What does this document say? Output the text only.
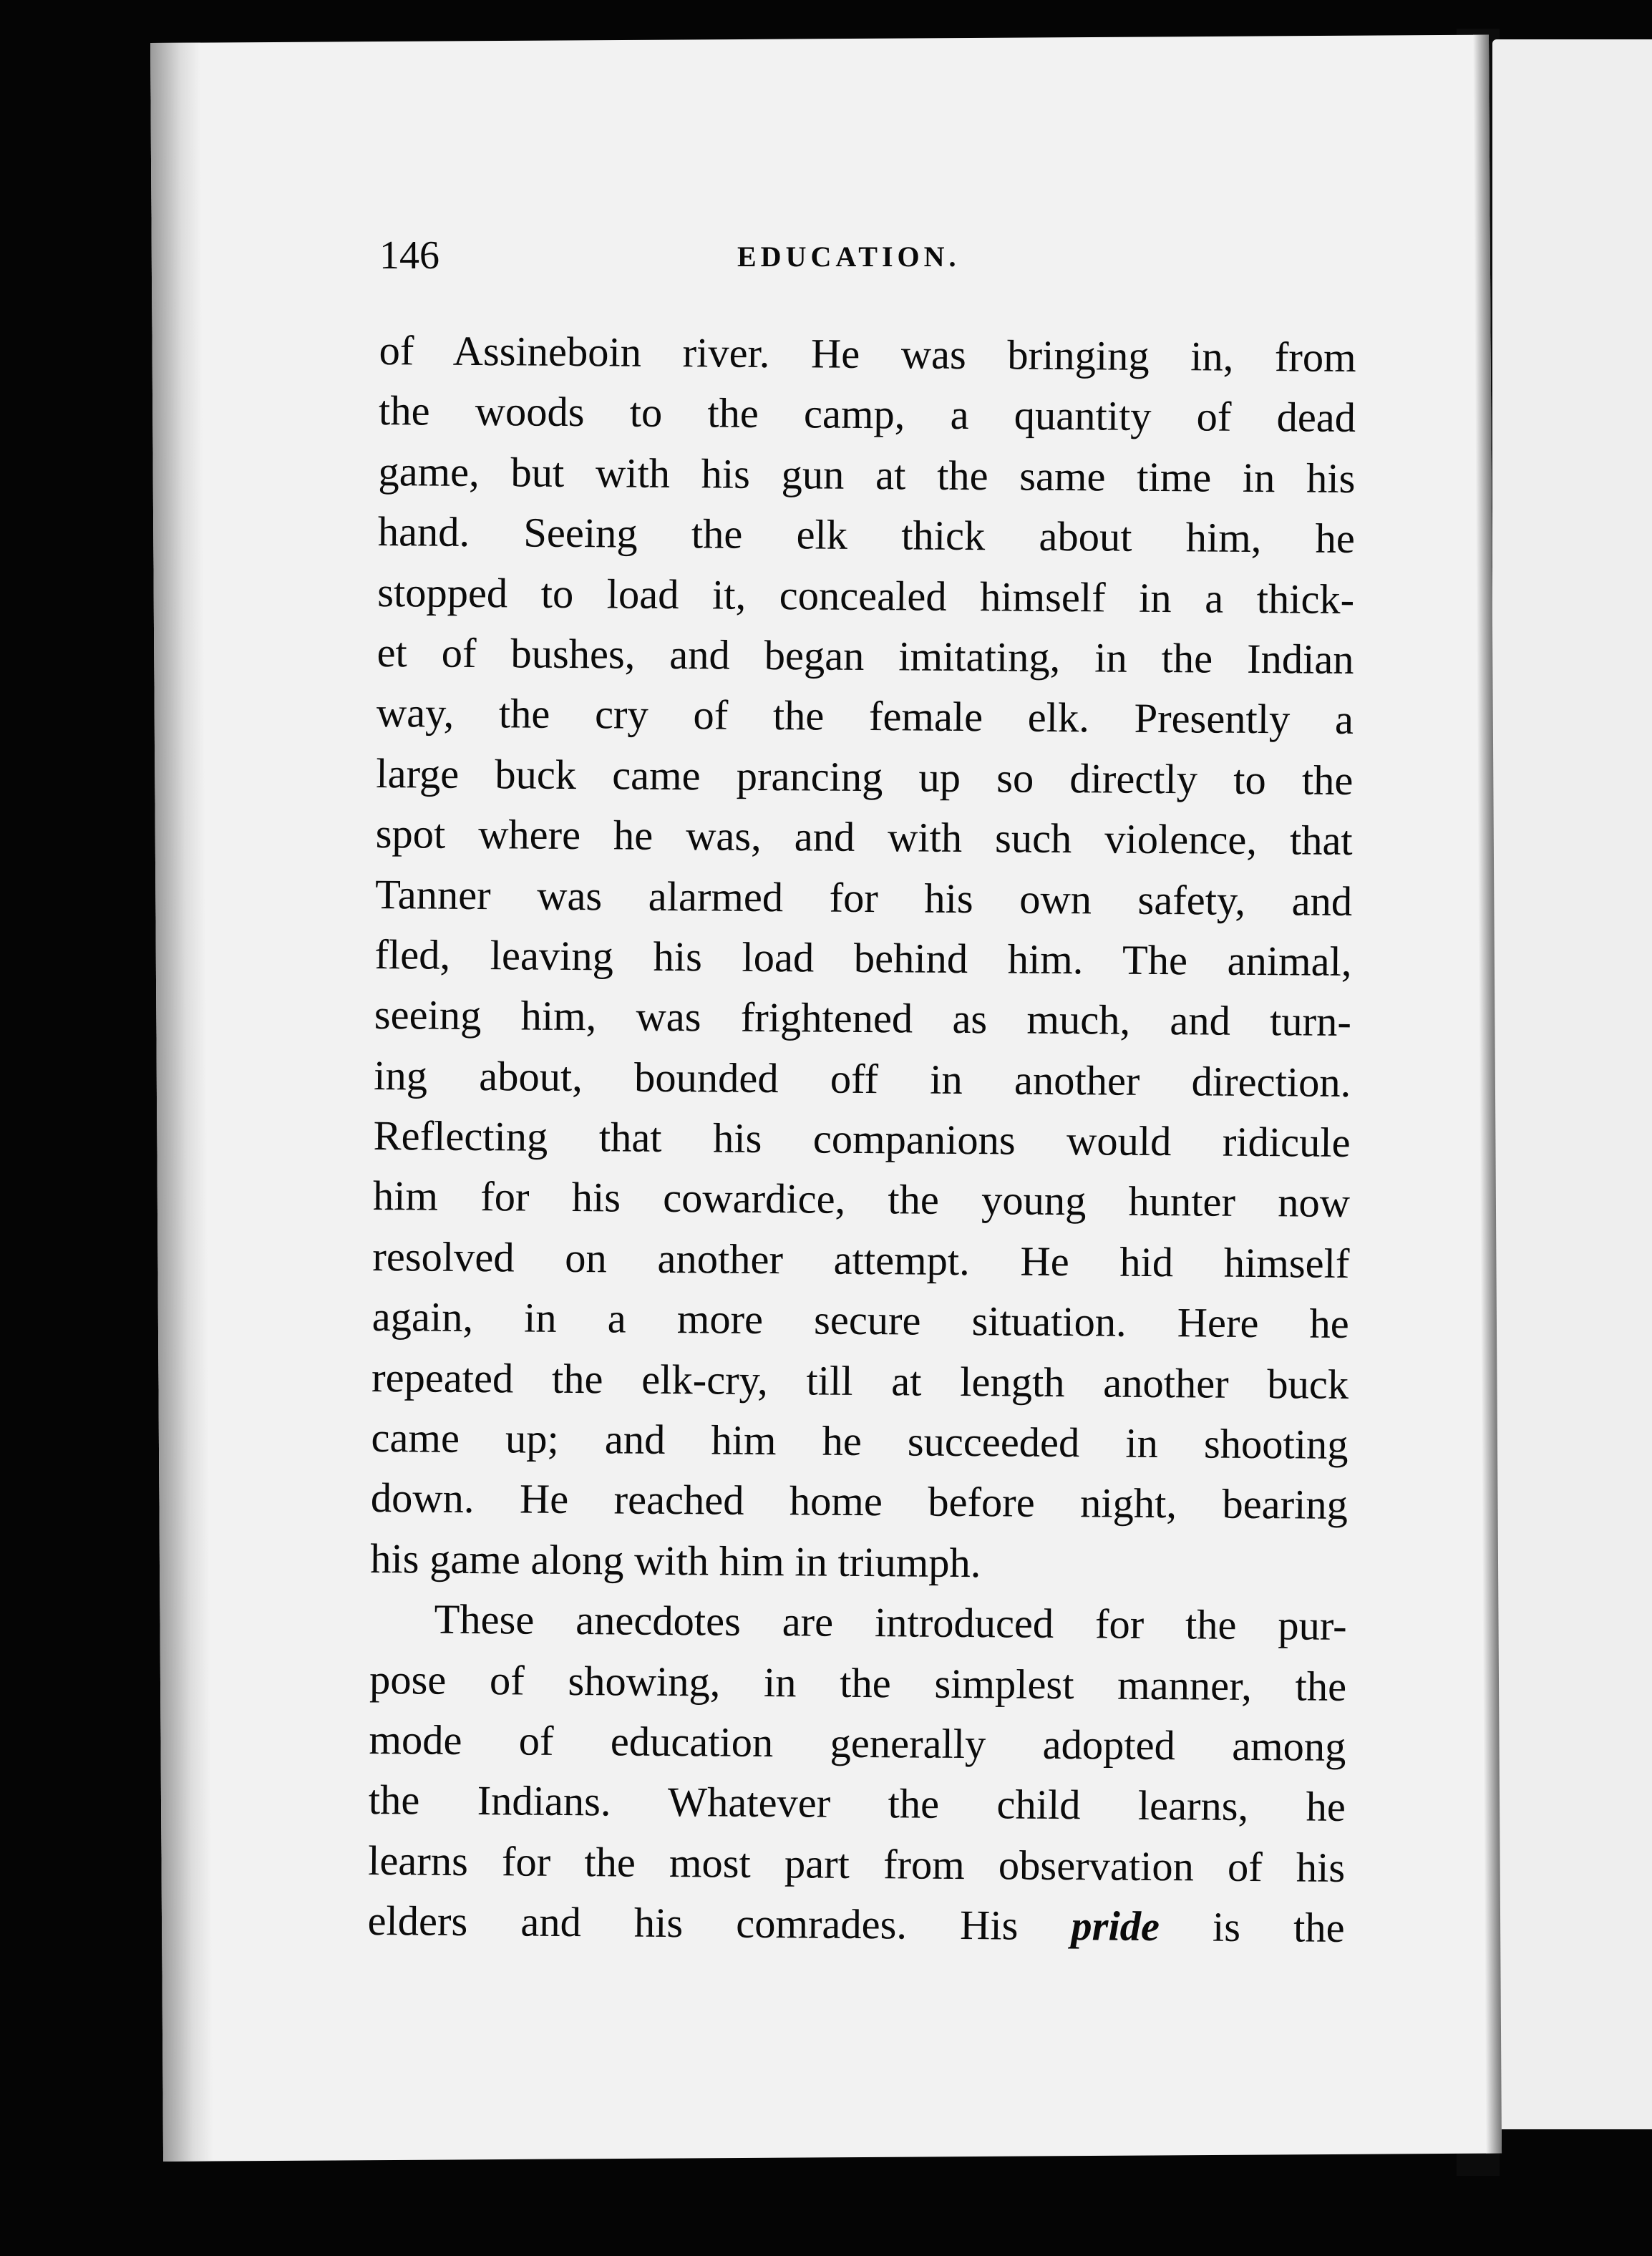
146	EDUCATION.
of Assineboin river. He was bringing in, from
the woods to the camp, a quantity of dead
game, but with his gun at the same time in his
hand. Seeing the elk thick about him, he
stopped to load it, concealed himself in a thick-
et of bushes, and began imitating, in the Indian
way, the cry of the female elk. Presently a
large buck came prancing up so directly to the
spot where he was, and with such violence, that
Tanner was alarmed for his own safety, and
fled, leaving his load behind him. The animal,
seeing him, was frightened as much, and turn-
ing about, bounded off in another direction.
Reflecting that his companions would ridicule
him for his cowardice, the young hunter now
resolved on another attempt. He hid himself
again, in a more secure situation. Here he
repeated the elk-cry, till at length another buck
came up; and him he succeeded in shooting
down. He reached home before night, bearing
his game along with him in triumph.
These anecdotes are introduced for the pur-
pose of showing, in the simplest manner, the
mode of education generally adopted among
the Indians. Whatever the child learns, he
learns for the most part from observation of his
elders and his comrades. His pride is the
